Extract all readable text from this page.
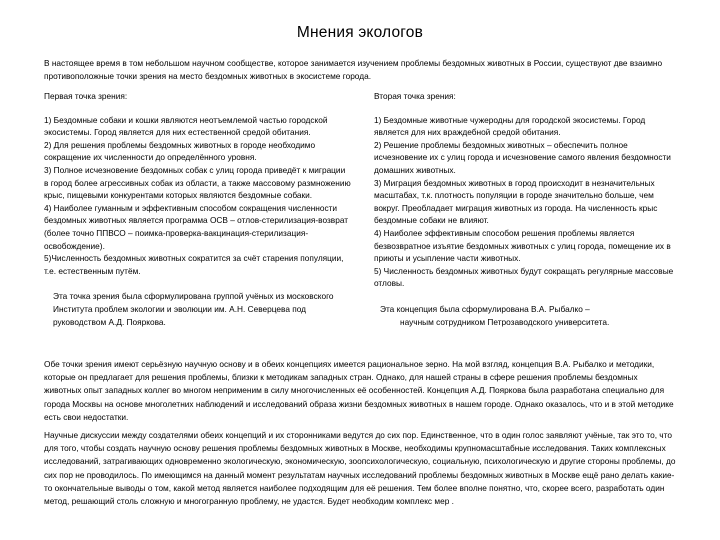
Мнения экологов
В настоящее время в том небольшом научном сообществе, которое занимается изучением проблемы бездомных животных в России, существуют две взаимно противоположные точки зрения на место бездомных животных в экосистеме города.
Первая точка зрения:
1) Бездомные собаки и кошки являются неотъемлемой частью городской экосистемы. Город является для них естественной средой обитания.
2) Для решения проблемы бездомных животных в городе необходимо сокращение их численности до определённого уровня.
3) Полное исчезновение бездомных собак с улиц города приведёт к миграции в город более агрессивных собак из области, а также массовому размножению крыс, пищевыми конкурентами которых являются бездомные собаки.
4) Наиболее гуманным и эффективным способом сокращения численности бездомных животных является программа ОСВ – отлов-стерилизация-возврат (более точно ППВСО – поимка-проверка-вакцинация-стерилизация-освобождение).
5)Численность бездомных животных сократится за счёт старения популяции, т.е. естественным путём.
Эта точка зрения была сформулирована группой учёных из московского Института проблем экологии и эволюции им. А.Н. Северцева под руководством А.Д. Пояркова.
Вторая точка зрения:
1) Бездомные животные чужеродны для городской экосистемы. Город является для них враждебной средой обитания.
2) Решение проблемы бездомных животных – обеспечить полное исчезновение их с улиц города и исчезновение самого явления бездомности домашних животных.
3) Миграция бездомных животных в город происходит в незначительных масштабах, т.к. плотность популяции в городе значительно больше, чем вокруг. Преобладает миграция животных из города. На численность крыс бездомные собаки не влияют.
4) Наиболее эффективным способом решения проблемы является безвозвратное изъятие бездомных животных с улиц города, помещение их в приюты и усыпление части животных.
5) Численность бездомных животных будут сокращать регулярные массовые отловы.
Эта концепция была сформулирована В.А. Рыбалко –
научным сотрудником Петрозаводского университета.

Обе точки зрения имеют серьёзную научную основу и в обеих концепциях имеется рациональное зерно. На мой взгляд, концепция В.А. Рыбалко и методики, которые он предлагает для решения проблемы, близки к методикам западных стран. Однако, для нашей страны в сфере решения проблемы бездомных животных опыт западных коллег во многом неприменим в силу многочисленных её особенностей. Концепция А.Д. Пояркова была разработана специально для города Москвы на основе многолетних наблюдений и исследований образа жизни бездомных животных в нашем городе. Однако оказалось, что и в этой методике есть свои недостатки.

Научные дискуссии между создателями обеих концепций и их сторонниками ведутся до сих пор. Единственное, что в один голос заявляют учёные, так это то, что для того, чтобы создать научную основу решения проблемы бездомных животных в Москве, необходимы крупномасштабные исследования. Таких комплексных исследований, затрагивающих одновременно экологическую, экономическую, зоопсихологическую, социальную, психологическую и другие стороны проблемы, до сих пор не проводилось. По имеющимся на данный момент результатам научных исследований проблемы бездомных животных в Москве ещё рано делать какие-то окончательные выводы о том, какой метод является наиболее подходящим для её решения. Тем более вполне понятно, что, скорее всего, разработать один метод, решающий столь сложную и многогранную проблему, не удастся. Будет необходим комплекс мер .
